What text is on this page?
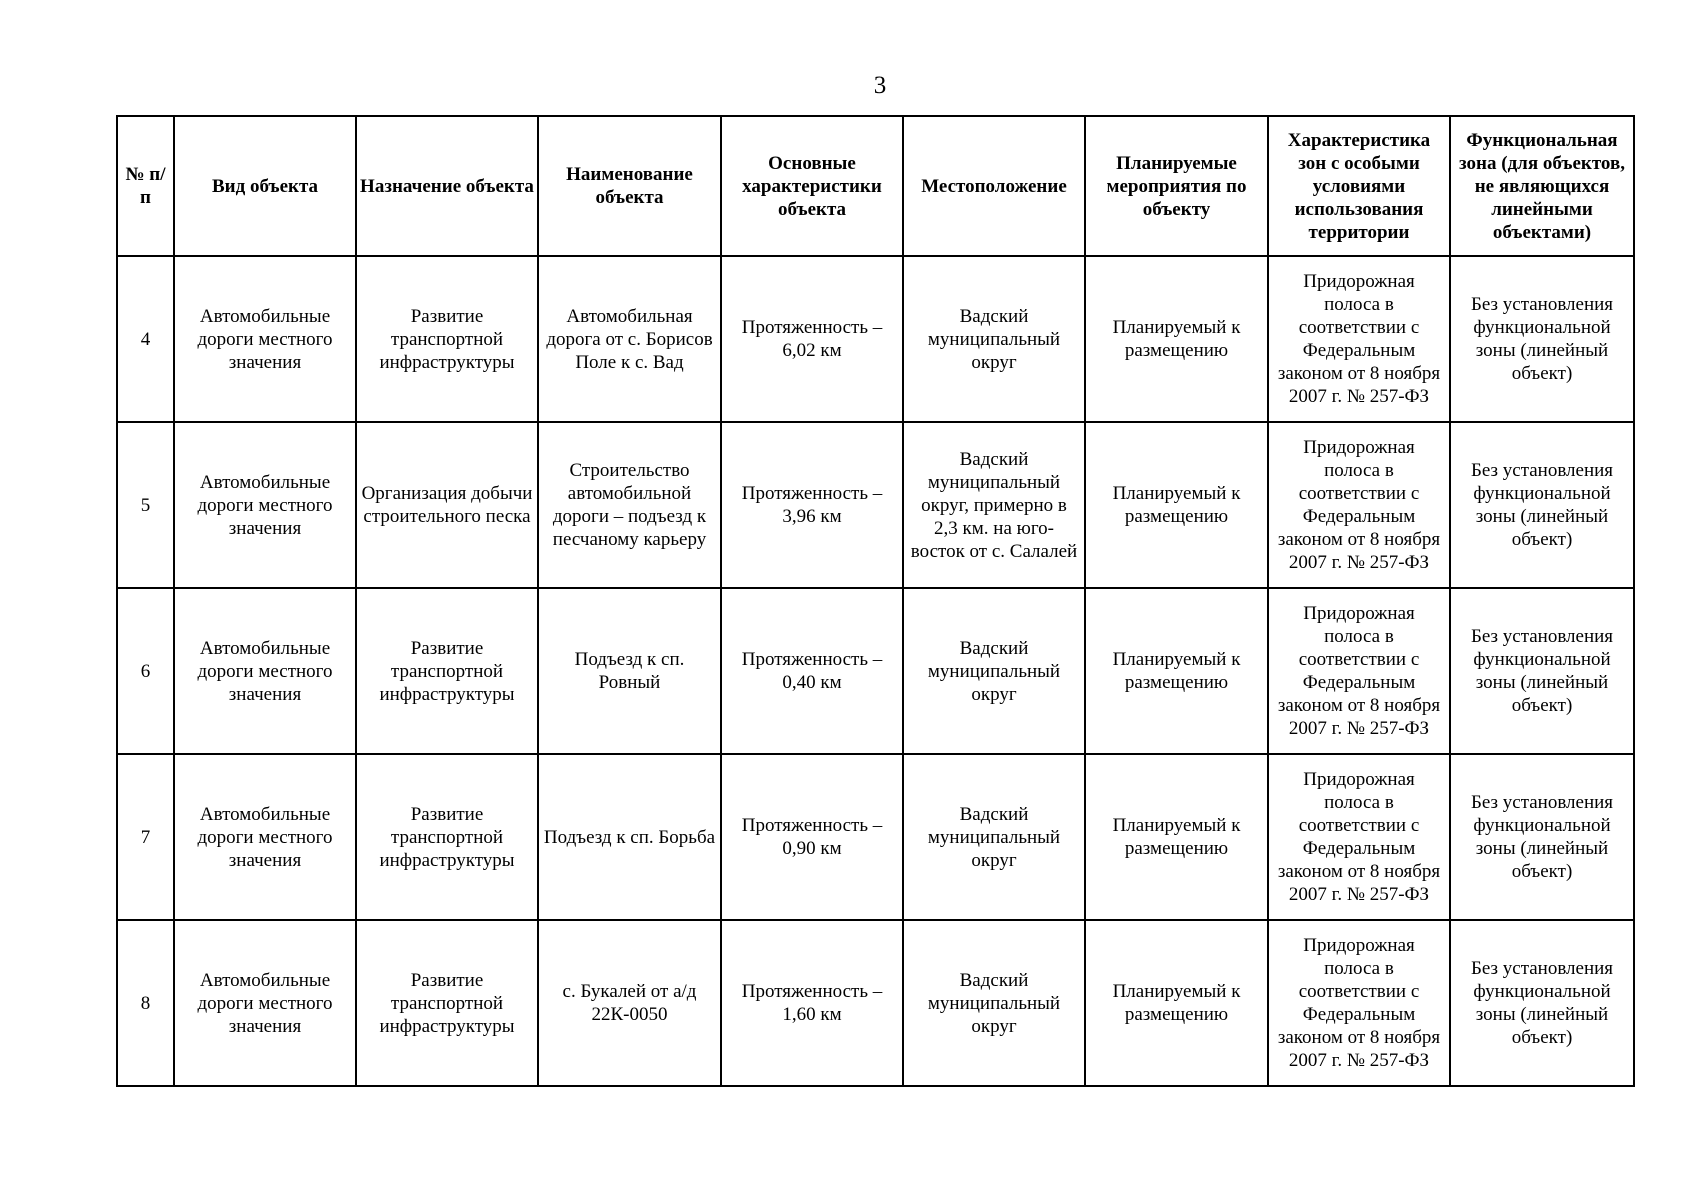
3
№ п/п	Вид объекта	Назначение объекта	Наименование объекта	Основные характеристики объекта	Местоположение	Планируемые мероприятия по объекту	Характеристика зон с особыми условиями использования территории	Функциональная зона (для объектов, не являющихся линейными объектами)
4	Автомобильные дороги местного значения	Развитие транспортной инфраструктуры	Автомобильная дорога от с. Борисов Поле к с. Вад	Протяженность – 6,02 км	Вадский муниципальный округ	Планируемый к размещению	Придорожная полоса в соответствии с Федеральным законом от 8 ноября 2007 г. № 257-ФЗ	Без установления функциональной зоны (линейный объект)
5	Автомобильные дороги местного значения	Организация добычи строительного песка	Строительство автомобильной дороги – подъезд к песчаному карьеру	Протяженность – 3,96 км	Вадский муниципальный округ, примерно в 2,3 км. на юго-восток от с. Салалей	Планируемый к размещению	Придорожная полоса в соответствии с Федеральным законом от 8 ноября 2007 г. № 257-ФЗ	Без установления функциональной зоны (линейный объект)
6	Автомобильные дороги местного значения	Развитие транспортной инфраструктуры	Подъезд к сп. Ровный	Протяженность – 0,40 км	Вадский муниципальный округ	Планируемый к размещению	Придорожная полоса в соответствии с Федеральным законом от 8 ноября 2007 г. № 257-ФЗ	Без установления функциональной зоны (линейный объект)
7	Автомобильные дороги местного значения	Развитие транспортной инфраструктуры	Подъезд к сп. Борьба	Протяженность – 0,90 км	Вадский муниципальный округ	Планируемый к размещению	Придорожная полоса в соответствии с Федеральным законом от 8 ноября 2007 г. № 257-ФЗ	Без установления функциональной зоны (линейный объект)
8	Автомобильные дороги местного значения	Развитие транспортной инфраструктуры	с. Букалей от а/д 22К-0050	Протяженность – 1,60 км	Вадский муниципальный округ	Планируемый к размещению	Придорожная полоса в соответствии с Федеральным законом от 8 ноября 2007 г. № 257-ФЗ	Без установления функциональной зоны (линейный объект)
